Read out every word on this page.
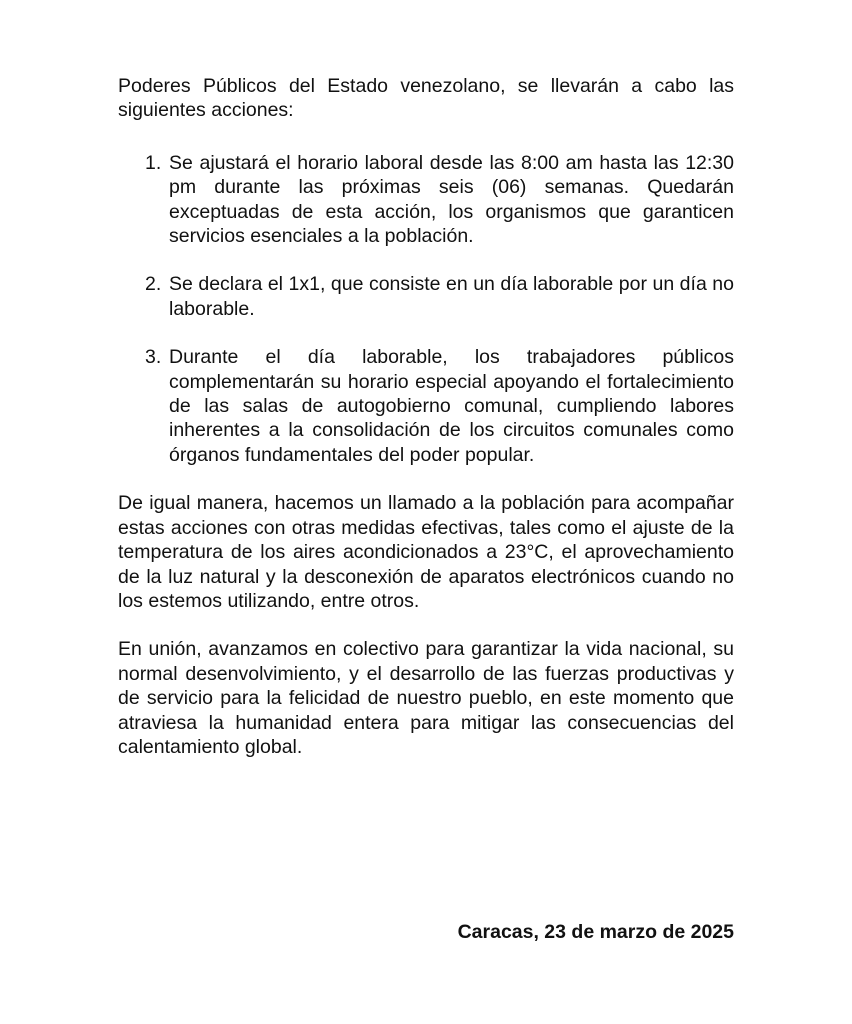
Poderes Públicos del Estado venezolano, se llevarán a cabo las siguientes acciones:

1. Se ajustará el horario laboral desde las 8:00 am hasta las 12:30 pm durante las próximas seis (06) semanas. Quedarán exceptuadas de esta acción, los organismos que garanticen servicios esenciales a la población.
2. Se declara el 1x1, que consiste en un día laborable por un día no laborable.
3. Durante el día laborable, los trabajadores públicos complementarán su horario especial apoyando el fortalecimiento de las salas de autogobierno comunal, cumpliendo labores inherentes a la consolidación de los circuitos comunales como órganos fundamentales del poder popular.

De igual manera, hacemos un llamado a la población para acompañar estas acciones con otras medidas efectivas, tales como el ajuste de la temperatura de los aires acondicionados a 23°C, el aprovechamiento de la luz natural y la desconexión de aparatos electrónicos cuando no los estemos utilizando, entre otros.

En unión, avanzamos en colectivo para garantizar la vida nacional, su normal desenvolvimiento, y el desarrollo de las fuerzas productivas y de servicio para la felicidad de nuestro pueblo, en este momento que atraviesa la humanidad entera para mitigar las consecuencias del calentamiento global.

Caracas, 23 de marzo de 2025
